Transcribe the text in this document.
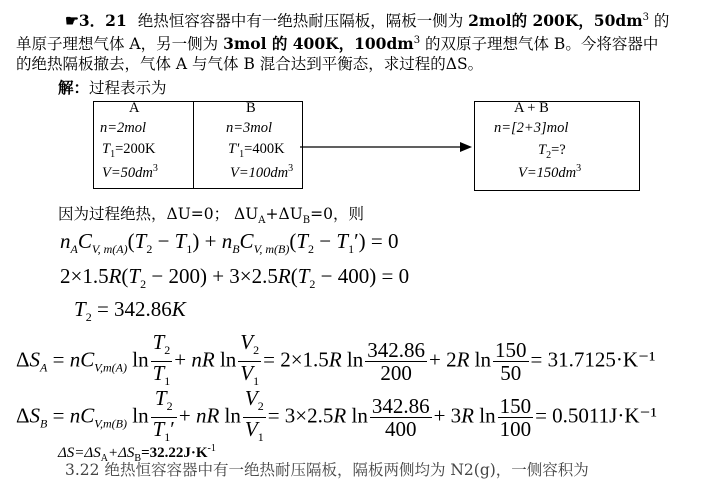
☛3．21 绝热恒容容器中有一绝热耐压隔板，隔板一侧为 2mol的 200K，$50dm^3$ 的
单原子理想气体 A，另一侧为 3mol 的 400K，$100dm^3$ 的双原子理想气体 B。今将容器中
的绝热隔板撤去，气体 A 与气体 B 混合达到平衡态，求过程的ΔS。
解：过程表示为
A
n=2mol
$T_1=200K$
$V=50dm^3$
B
n=3mol
$T'_1=400K$
$V=100dm^3$
A + B
n=[2+3]mol
$T_2=$?
$V=150dm^3$
因为过程绝热，ΔU=0； $\Delta U_A+\Delta U_B=0$，则
$n_AC_{V, m(A)}(T_2 - T_1) + n_BC_{V, m(B)}(T_2 - T_1') = 0$
$2\times 1.5R(T_2 - 200) + 3\times 2.5R(T_2 - 400) = 0$
$T_2 = 342.86K$
$\Delta S_A = nC_{V,m(A)}$ $\ln \frac{T_2}{T_1}$ + nR $\ln \frac{V_2}{V_1} = 2\times 1.5R$ $\ln \frac{342.86}{200} + 2R$ $\ln \frac{150}{50} = 31.7125\cdot K^{-1}$
$\Delta S_B = nC_{V,m(B)}$ $\ln \frac{T_2}{T_1'}$ + nR $\ln \frac{V_2}{V_1} = 3\times 2.5R$ $\ln \frac{342.86}{400} + 3R$ $\ln \frac{150}{100} = 0.5011J\cdot K^{-1}$
$\Delta S=\Delta S_A+\Delta S_B=32.22J\cdot K^{-1}$
3.22 绝热恒容容器中有一绝热耐压隔板，隔板两侧均为 N2(g)，一侧容积为
